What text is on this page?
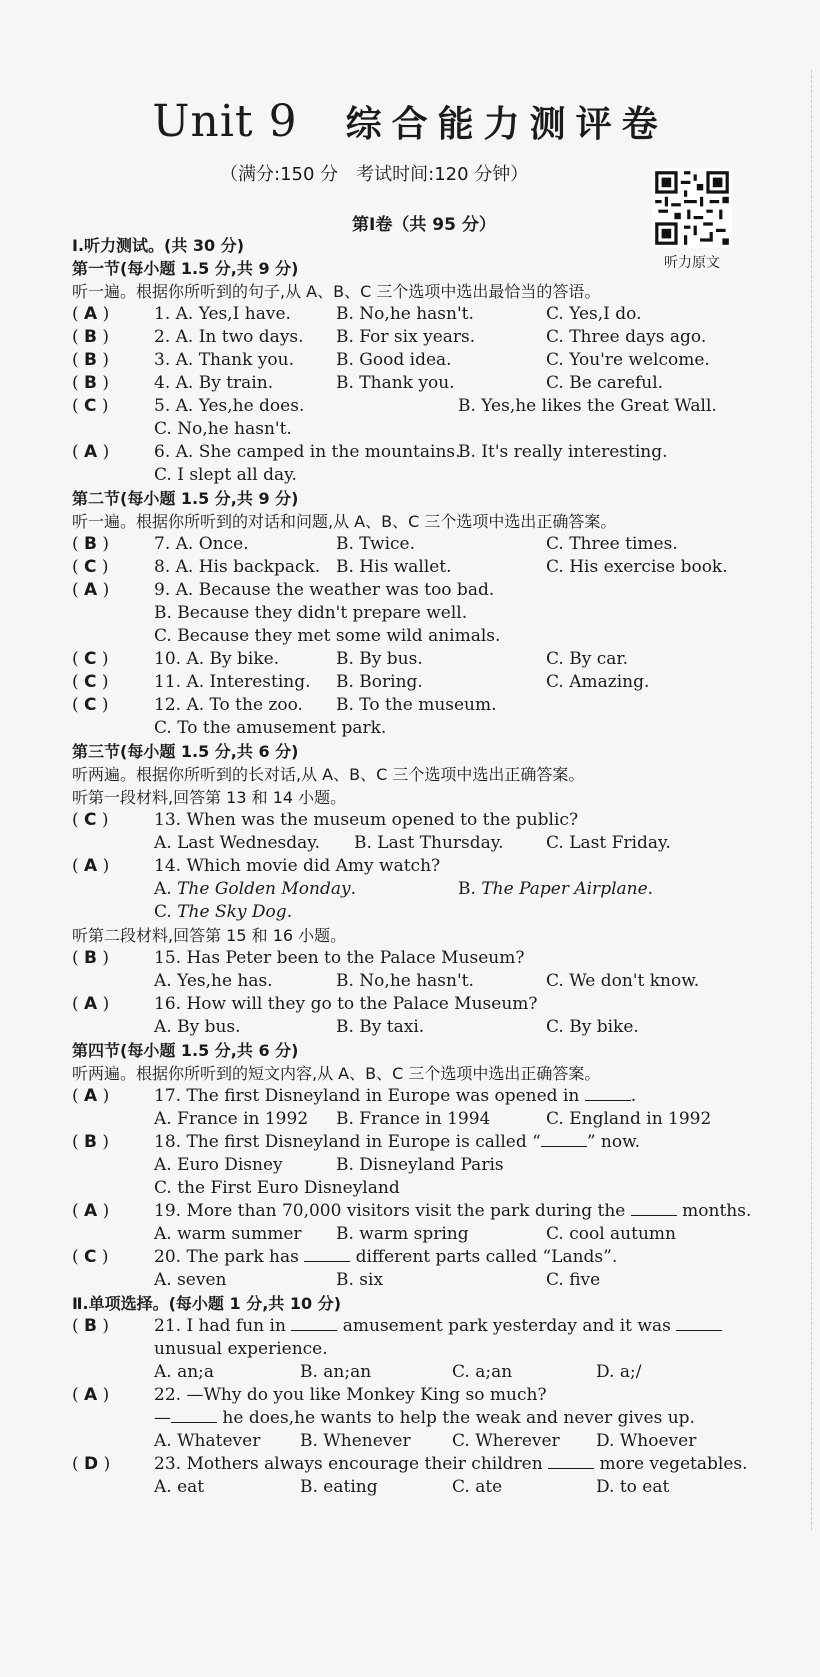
Unit 9 综合能力测评卷
（满分:150 分　考试时间:120 分钟）
听力原文
第Ⅰ卷（共 95 分）
Ⅰ.听力测试。(共 30 分)
第一节(每小题 1.5 分,共 9 分)
听一遍。根据你所听到的句子,从 A、B、C 三个选项中选出最恰当的答语。
( A )	1. A. Yes,I have.	B. No,he hasn't.	C. Yes,I do.
( B )	2. A. In two days. B. For six years.	C. Three days ago.
( B )	3. A. Thank you. B. Good idea.	C. You're welcome.
( B )	4. A. By train.	B. Thank you.	C. Be careful.
( C )	5. A. Yes,he does.	B. Yes,he likes the Great Wall.
C. No,he hasn't.
( A )	6. A. She camped in the mountains.
B. It's really interesting.
C. I slept all day.
第二节(每小题 1.5 分,共 9 分)
听一遍。根据你所听到的对话和问题,从 A、B、C 三个选项中选出正确答案。
( B )	7. A. Once.	B. Twice.	C. Three times.
( C )	8. A. His backpack. B. His wallet.	C. His exercise book.
( A )	9. A. Because the weather was too bad.
B. Because they didn't prepare well.
C. Because they met some wild animals.
( C )	10. A. By bike.	B. By bus.	C. By car.
( C )	11. A. Interesting. B. Boring.	C. Amazing.
( C )	12. A. To the zoo. B. To the museum.
C. To the amusement park.
第三节(每小题 1.5 分,共 6 分)
听两遍。根据你所听到的长对话,从 A、B、C 三个选项中选出正确答案。
听第一段材料,回答第 13 和 14 小题。
( C )	13. When was the museum opened to the public?
A. Last Wednesday. B. Last Thursday. C. Last Friday.
( A )	14. Which movie did Amy watch?
A. The Golden Monday.	B. The Paper Airplane.
C. The Sky Dog.
听第二段材料,回答第 15 和 16 小题。
( B )	15. Has Peter been to the Palace Museum?
A. Yes,he has.	B. No,he hasn't.	C. We don't know.
( A )	16. How will they go to the Palace Museum?
A. By bus.	B. By taxi.	C. By bike.
第四节(每小题 1.5 分,共 6 分)
听两遍。根据你所听到的短文内容,从 A、B、C 三个选项中选出正确答案。
( A )	17. The first Disneyland in Europe was opened in	.
A. France in 1992 B. France in 1994	C. England in 1992
( B )	18. The first Disneyland in Europe is called “	” now.
A. Euro Disney	B. Disneyland Paris
C. the First Euro Disneyland
( A )	19. More than 70,000 visitors visit the park during the	months.
A. warm summer B. warm spring	C. cool autumn
( C )	20. The park has	different parts called “Lands”.
A. seven	B. six	C. five
Ⅱ.单项选择。(每小题 1 分,共 10 分)
( B )	21. I had fun in	amusement park yesterday and it was
unusual experience.
A. an;a	B. an;an	C. a;an	D. a;/
( A )	22. —Why do you like Monkey King so much?
—	he does,he wants to help the weak and never gives up.
A. Whatever B. Whenever C. Wherever D. Whoever
( D )	23. Mothers always encourage their children	more vegetables.
A. eat	B. eating	C. ate	D. to eat
